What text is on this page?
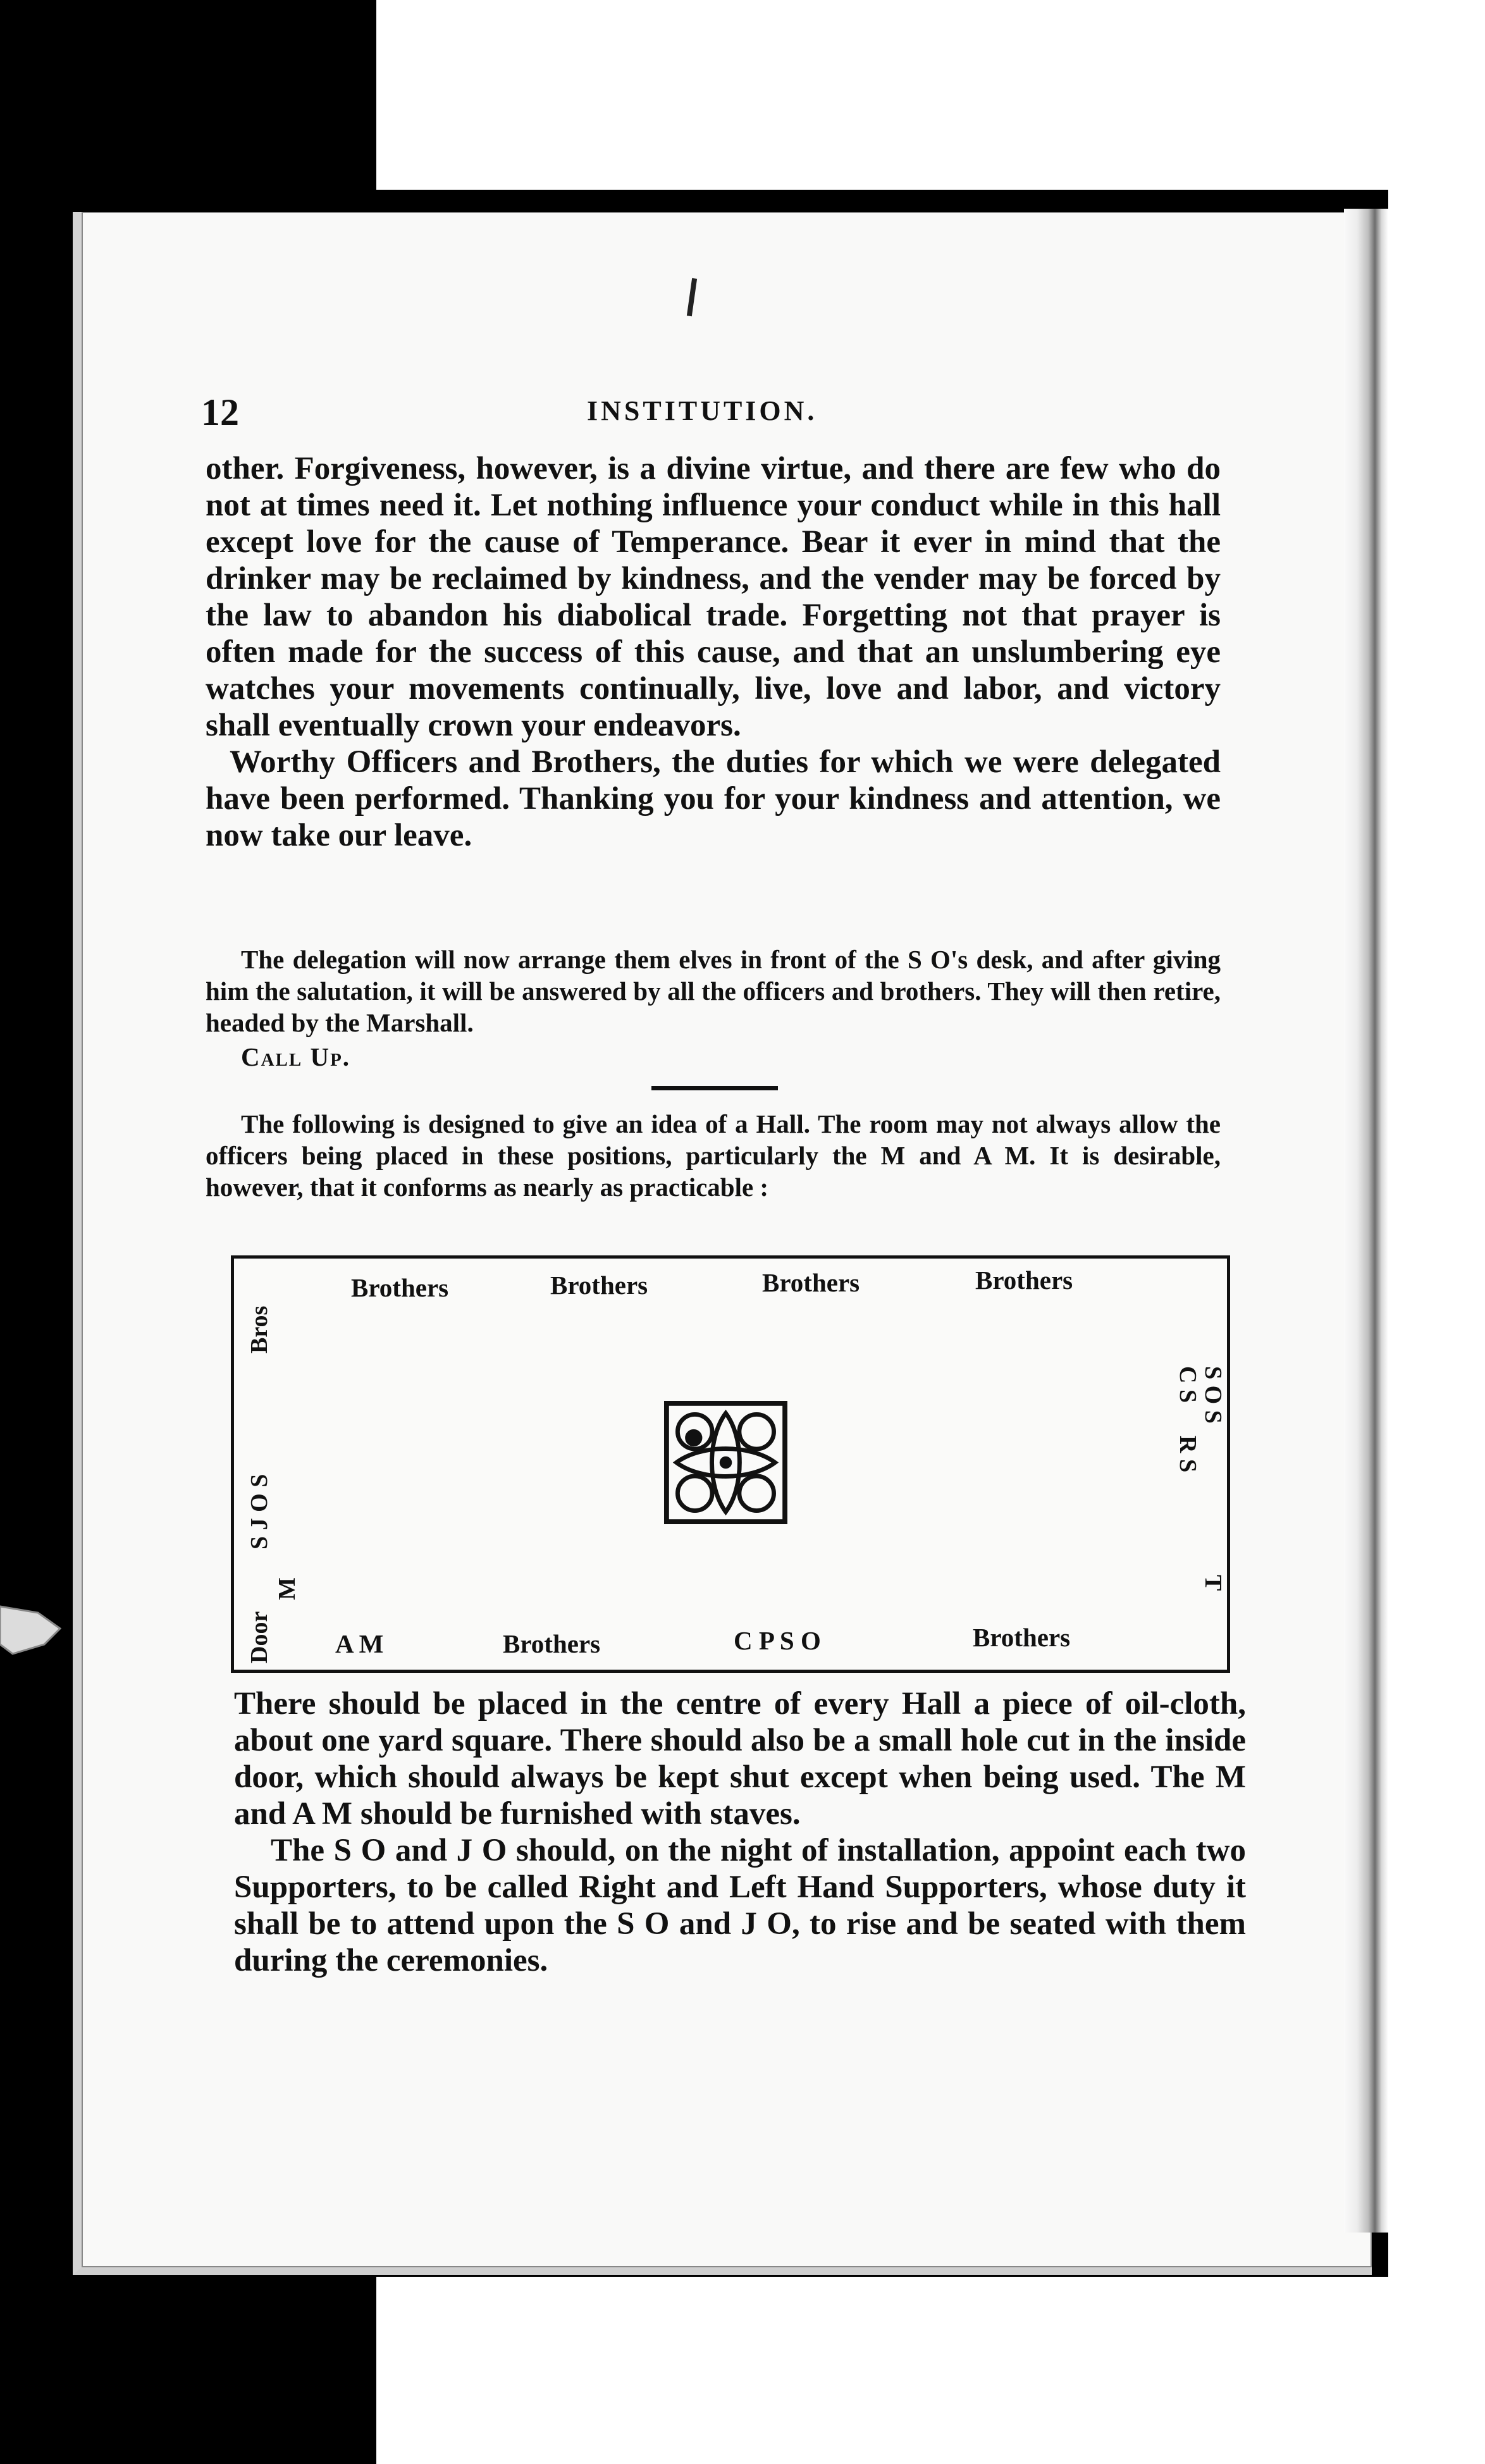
12	INSTITUTION.

other. Forgiveness, however, is a divine virtue, and there are few who do not at times need it. Let nothing influence your conduct while in this hall except love for the cause of Temperance. Bear it ever in mind that the drinker may be reclaimed by kindness, and the vender may be forced by the law to abandon his diabolical trade. Forgetting not that prayer is often made for the success of this cause, and that an unslumbering eye watches your movements continually, live, love and labor, and victory shall eventually crown your endeavors.

Worthy Officers and Brothers, the duties for which we were delegated have been performed. Thanking you for your kindness and attention, we now take our leave.

The delegation will now arrange them elves in front of the S O's desk, and after giving him the salutation, it will be answered by all the officers and brothers. They will then retire, headed by the Marshall.

Call Up.

The following is designed to give an idea of a Hall. The room may not always allow the officers being placed in these positions, particularly the M and A M. It is desirable, however, that it conforms as nearly as practicable :

Brothers	Brothers	Brothers	Brothers
A M	Brothers	C P S O	Brothers
Bros
S J O S
M
Door
C S
R S
S O S
T

There should be placed in the centre of every Hall a piece of oil-cloth, about one yard square. There should also be a small hole cut in the inside door, which should always be kept shut except when being used. The M and A M should be furnished with staves.

The S O and J O should, on the night of installation, appoint each two Supporters, to be called Right and Left Hand Supporters, whose duty it shall be to attend upon the S O and J O, to rise and be seated with them during the ceremonies.
